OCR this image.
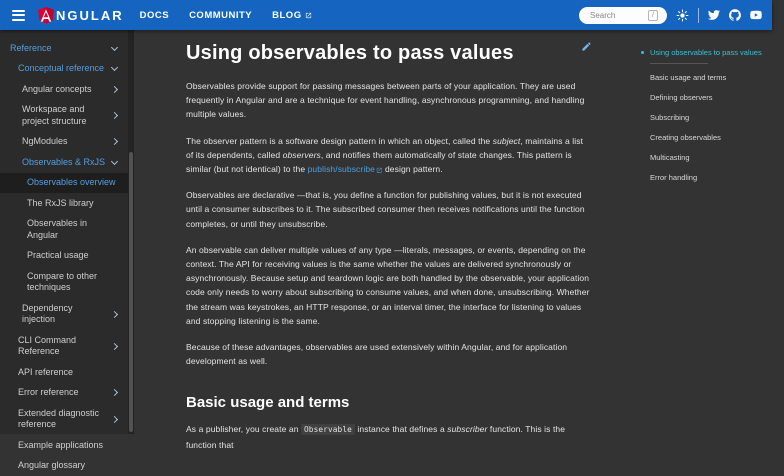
NGULAR DOCS COMMUNITY BLOG
Search	/
Reference
Conceptual reference
Angular concepts
Workspace and project structure
NgModules
Observables & RxJS
Observables overview
The RxJS library
Observables in Angular
Practical usage
Compare to other techniques
Dependency injection
CLI Command Reference
API reference
Error reference
Extended diagnostic reference
Example applications
Angular glossary
Using observables to pass values

Observables provide support for passing messages between parts of your application. They are used frequently in Angular and are a technique for event handling, asynchronous programming, and handling multiple values.

The observer pattern is a software design pattern in which an object, called the subject, maintains a list of its dependents, called observers, and notifies them automatically of state changes. This pattern is similar (but not identical) to the publish/subscribe design pattern.

Observables are declarative —that is, you define a function for publishing values, but it is not executed until a consumer subscribes to it. The subscribed consumer then receives notifications until the function completes, or until they unsubscribe.

An observable can deliver multiple values of any type —literals, messages, or events, depending on the context. The API for receiving values is the same whether the values are delivered synchronously or asynchronously. Because setup and teardown logic are both handled by the observable, your application code only needs to worry about subscribing to consume values, and when done, unsubscribing. Whether the stream was keystrokes, an HTTP response, or an interval timer, the interface for listening to values and stopping listening is the same.

Because of these advantages, observables are used extensively within Angular, and for application development as well.

Basic usage and terms

As a publisher, you create an Observable instance that defines a subscriber function. This is the function that

Using observables to pass values
Basic usage and terms
Defining observers
Subscribing
Creating observables
Multicasting
Error handling
